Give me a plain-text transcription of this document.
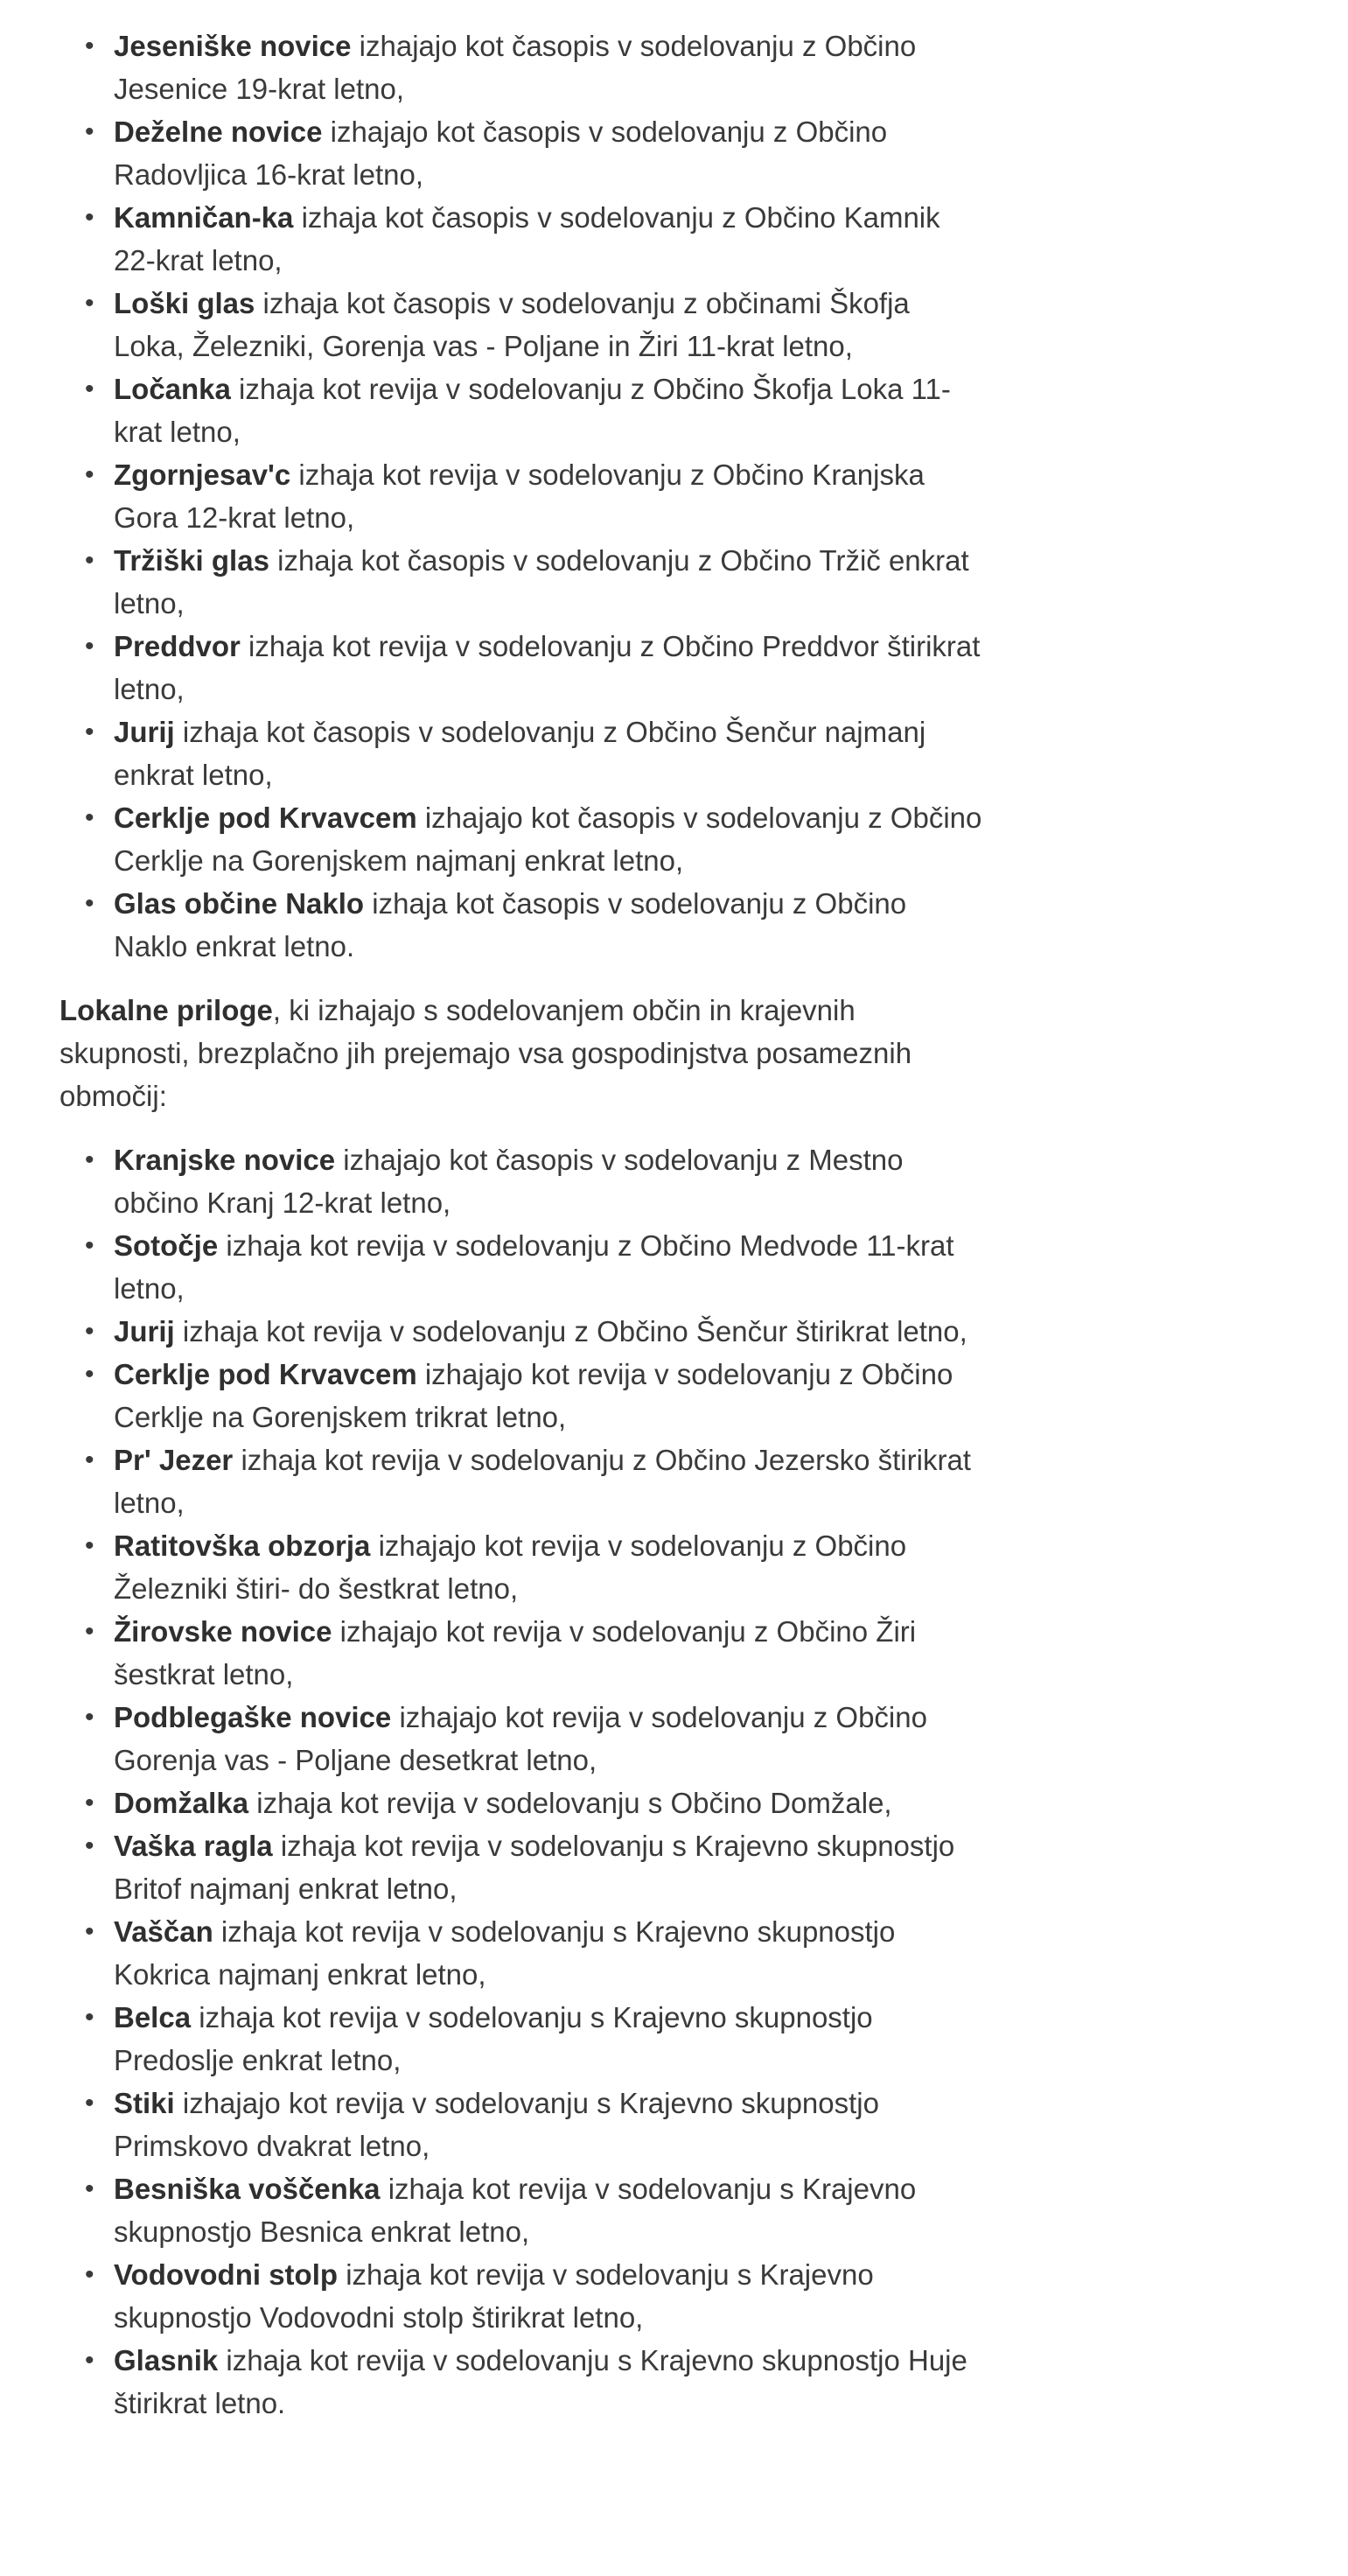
• Jeseniške novice izhajajo kot časopis v sodelovanju z Občino Jesenice 19-krat letno,
• Deželne novice izhajajo kot časopis v sodelovanju z Občino Radovljica 16-krat letno,
• Kamničan-ka izhaja kot časopis v sodelovanju z Občino Kamnik 22-krat letno,
• Loški glas izhaja kot časopis v sodelovanju z občinami Škofja Loka, Železniki, Gorenja vas - Poljane in Žiri 11-krat letno,
• Ločanka izhaja kot revija v sodelovanju z Občino Škofja Loka 11-krat letno,
• Zgornjesav'c izhaja kot revija v sodelovanju z Občino Kranjska Gora 12-krat letno,
• Tržiški glas izhaja kot časopis v sodelovanju z Občino Tržič enkrat letno,
• Preddvor izhaja kot revija v sodelovanju z Občino Preddvor štirikrat letno,
• Jurij izhaja kot časopis v sodelovanju z Občino Šenčur najmanj enkrat letno,
• Cerklje pod Krvavcem izhajajo kot časopis v sodelovanju z Občino Cerklje na Gorenjskem najmanj enkrat letno,
• Glas občine Naklo izhaja kot časopis v sodelovanju z Občino Naklo enkrat letno.

Lokalne priloge, ki izhajajo s sodelovanjem občin in krajevnih skupnosti, brezplačno jih prejemajo vsa gospodinjstva posameznih območij:

• Kranjske novice izhajajo kot časopis v sodelovanju z Mestno občino Kranj 12-krat letno,
• Sotočje izhaja kot revija v sodelovanju z Občino Medvode 11-krat letno,
• Jurij izhaja kot revija v sodelovanju z Občino Šenčur štirikrat letno,
• Cerklje pod Krvavcem izhajajo kot revija v sodelovanju z Občino Cerklje na Gorenjskem trikrat letno,
• Pr' Jezer izhaja kot revija v sodelovanju z Občino Jezersko štirikrat letno,
• Ratitovška obzorja izhajajo kot revija v sodelovanju z Občino Železniki štiri- do šestkrat letno,
• Žirovske novice izhajajo kot revija v sodelovanju z Občino Žiri šestkrat letno,
• Podblegaške novice izhajajo kot revija v sodelovanju z Občino Gorenja vas - Poljane desetkrat letno,
• Domžalka izhaja kot revija v sodelovanju s Občino Domžale,
• Vaška ragla izhaja kot revija v sodelovanju s Krajevno skupnostjo Britof najmanj enkrat letno,
• Vaščan izhaja kot revija v sodelovanju s Krajevno skupnostjo Kokrica najmanj enkrat letno,
• Belca izhaja kot revija v sodelovanju s Krajevno skupnostjo Predoslje enkrat letno,
• Stiki izhajajo kot revija v sodelovanju s Krajevno skupnostjo Primskovo dvakrat letno,
• Besniška voščenka izhaja kot revija v sodelovanju s Krajevno skupnostjo Besnica enkrat letno,
• Vodovodni stolp izhaja kot revija v sodelovanju s Krajevno skupnostjo Vodovodni stolp štirikrat letno,
• Glasnik izhaja kot revija v sodelovanju s Krajevno skupnostjo Huje štirikrat letno.
